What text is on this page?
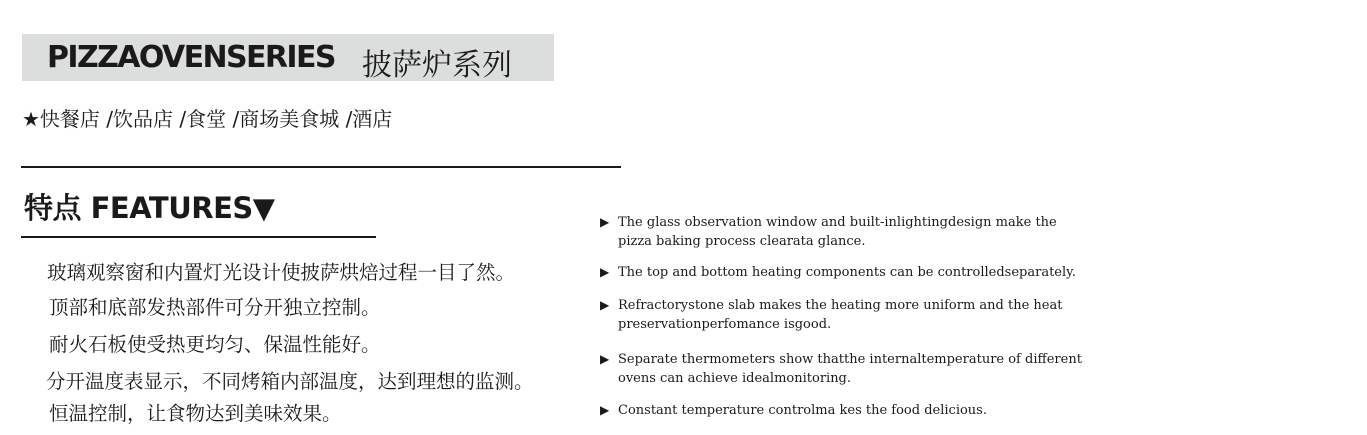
PIZZAOVENSERIES 披萨炉系列
★快餐店 /饮品店 /食堂 /商场美食城 /酒店
特点 FEATURES▼
玻璃观察窗和内置灯光设计使披萨烘焙过程一目了然。
顶部和底部发热部件可分开独立控制。
耐火石板使受热更均匀、保温性能好。
分开温度表显示，不同烤箱内部温度，达到理想的监测。
恒温控制，让食物达到美味效果。
▶ The glass observation window and built-inlightingdesign make the
pizza baking process clearata glance.
▶ The top and bottom heating components can be controlledseparately.
▶ Refractorystone slab makes the heating more uniform and the heat
preservationperfomance isgood.
▶ Separate thermometers show thatthe internaltemperature of different
ovens can achieve idealmonitoring.
▶ Constant temperature controlma kes the food delicious.
